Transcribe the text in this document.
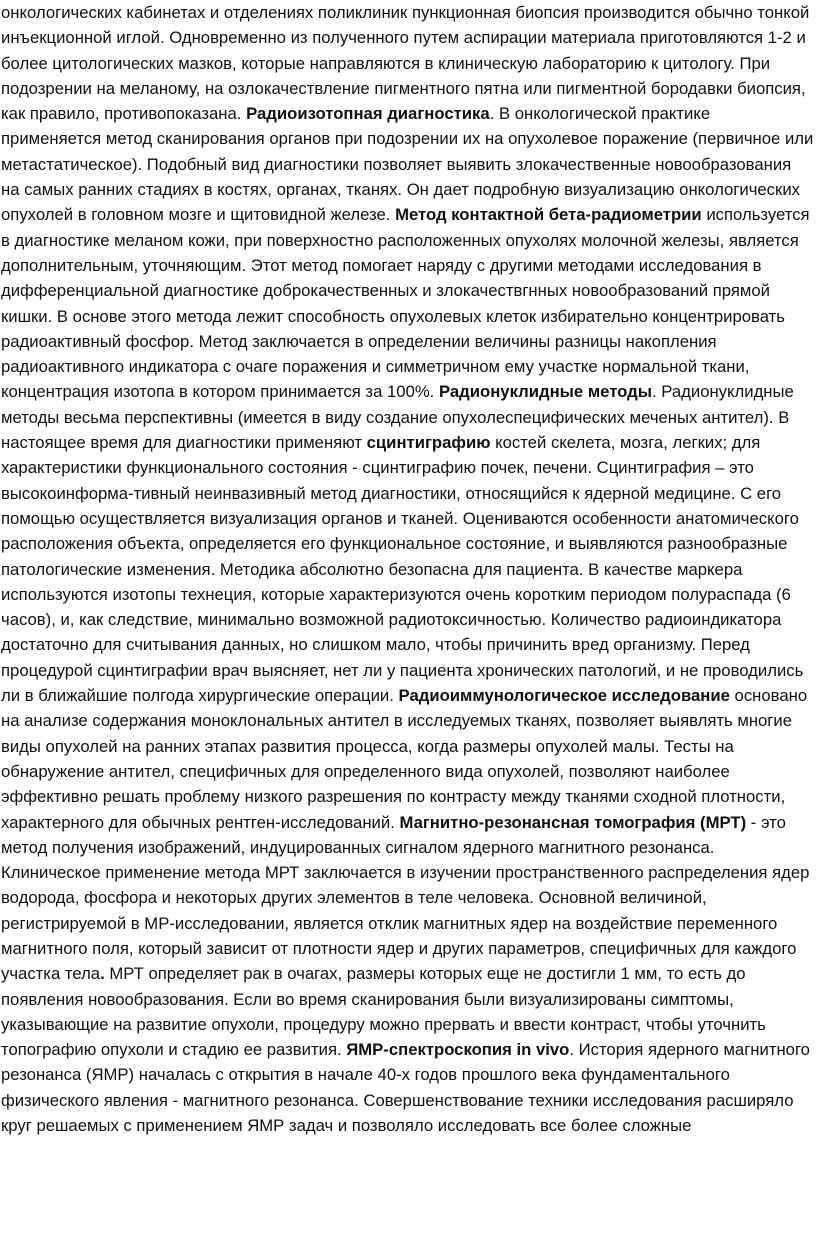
онкологических кабинетах и отделениях поликлиник пункционная биопсия производится обычно тонкой инъекционной иглой. Одновременно из полученного путем аспирации материала приготовляются 1-2 и более цитологических мазков, которые направляются в клиническую лабораторию к цитологу. При подозрении на меланому, на озлокачествление пигментного пятна или пигментной бородавки биопсия, как правило, противопоказана. Радиоизотопная диагностика. В онкологической практике применяется метод сканирования органов при подозрении их на опухолевое поражение (первичное или метастатическое). Подобный вид диагностики позволяет выявить злокачественные новообразования на самых ранних стадиях в костях, органах, тканях. Он дает подробную визуализацию онкологических опухолей в головном мозге и щитовидной железе. Метод контактной бета-радиометрии используется в диагностике меланом кожи, при поверхностно расположенных опухолях молочной железы, является дополнительным, уточняющим. Этот метод помогает наряду с другими методами исследования в дифференциальной диагностике доброкачественных и злокачествгнных новообразований прямой кишки. В основе этого метода лежит способность опухолевых клеток избирательно концентрировать радиоактивный фосфор. Метод заключается в определении величины разницы накопления радиоактивного индикатора с очаге поражения и симметричном ему участке нормальной ткани, концентрация изотопа в котором принимается за 100%. Радионуклидные методы. Радионуклидные методы весьма перспективны (имеется в виду создание опухолеспецифических меченых антител). В настоящее время для диагностики применяют сцинтиграфию костей скелета, мозга, легких; для характеристики функционального состояния - сцинтиграфию почек, печени. Сцинтиграфия – это высокоинформа-тивный неинвазивный метод диагностики, относящийся к ядерной медицине. С его помощью осуществляется визуализация органов и тканей. Оцениваются особенности анатомического расположения объекта, определяется его функциональное состояние, и выявляются разнообразные патологические изменения. Методика абсолютно безопасна для пациента. В качестве маркера используются изотопы технеция, которые характеризуются очень коротким периодом полураспада (6 часов), и, как следствие, минимально возможной радиотоксичностью. Количество радиоиндикатора достаточно для считывания данных, но слишком мало, чтобы причинить вред организму. Перед процедурой сцинтиграфии врач выясняет, нет ли у пациента хронических патологий, и не проводились ли в ближайшие полгода хирургические операции. Радиоиммунологическое исследование основано на анализе содержания моноклональных антител в исследуемых тканях, позволяет выявлять многие виды опухолей на ранних этапах развития процесса, когда размеры опухолей малы. Тесты на обнаружение антител, специфичных для определенного вида опухолей, позволяют наиболее эффективно решать проблему низкого разрешения по контрасту между тканями сходной плотности, характерного для обычных рентген-исследований. Магнитно-резонансная томография (МРТ) - это метод получения изображений, индуцированных сигналом ядерного магнитного резонанса. Клиническое применение метода МРТ заключается в изучении пространственного распределения ядер водорода, фосфора и некоторых других элементов в теле человека. Основной величиной, регистрируемой в МР-исследовании, является отклик магнитных ядер на воздействие переменного магнитного поля, который зависит от плотности ядер и других параметров, специфичных для каждого участка тела. МРТ определяет рак в очагах, размеры которых еще не достигли 1 мм, то есть до появления новообразования. Если во время сканирования были визуализированы симптомы, указывающие на развитие опухоли, процедуру можно прервать и ввести контраст, чтобы уточнить топографию опухоли и стадию ее развития. ЯМР-спектроскопия in vivo. История ядерного магнитного резонанса (ЯМР) началась с открытия в начале 40-х годов прошлого века фундаментального физического явления - магнитного резонанса. Совершенствование техники исследования расширяло круг решаемых с применением ЯМР задач и позволяло исследовать все более сложные
